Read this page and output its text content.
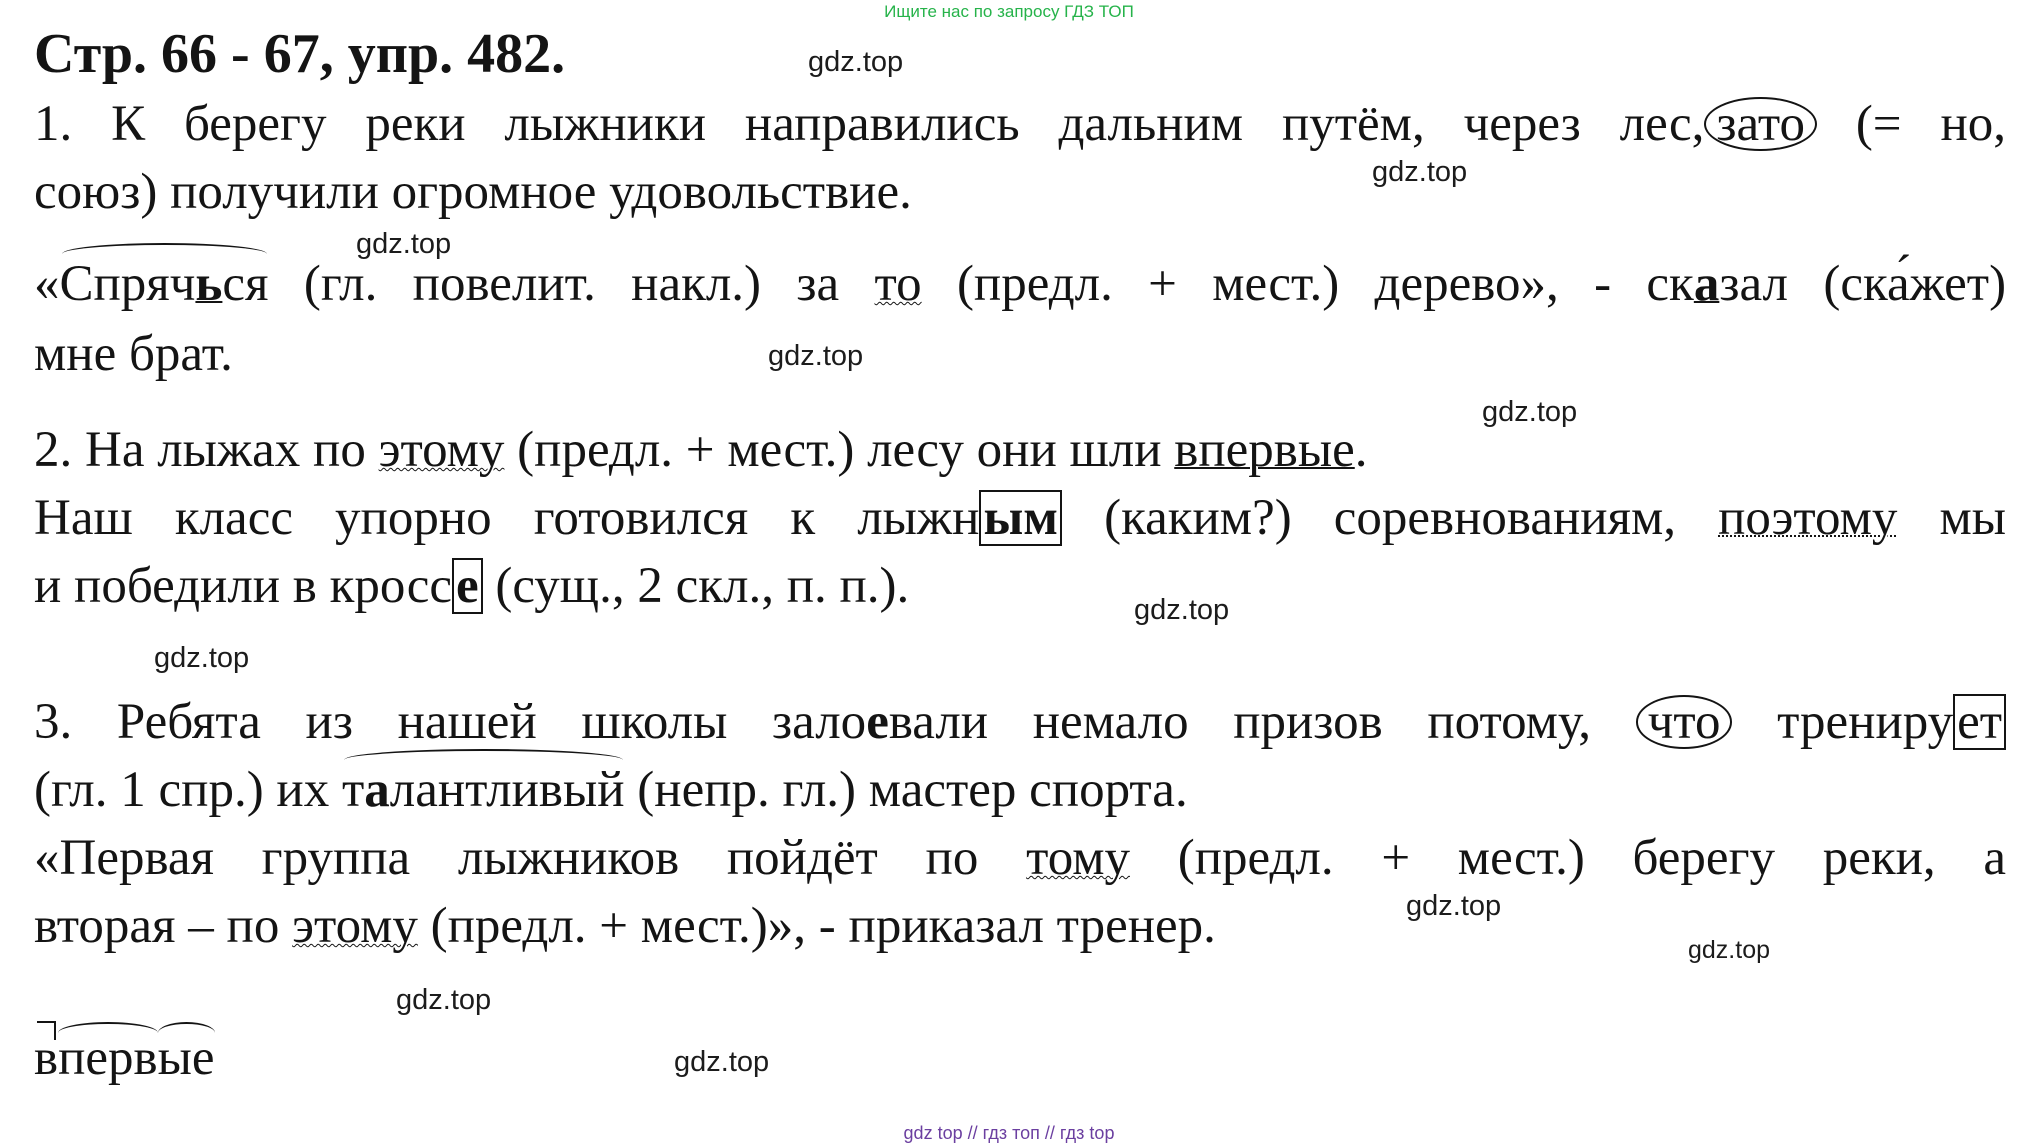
Ищите нас по запросу ГДЗ ТОП
Стр. 66 - 67, упр. 482.
1. К берегу реки лыжники направились дальним путём, через лес, зато (= но,
союз) получили огромное удовольствие.
«Спрячься (гл. повелит. накл.) за то (предл. + мест.) дерево», - сказал (ска́жет)
мне брат.
2. На лыжах по этому (предл. + мест.) лесу они шли впервые.
Наш класс упорно готовился к лыжным (каким?) соревнованиям, поэтому мы
и победили в кроссе (сущ., 2 скл., п. п.).
3. Ребята из нашей школы залоевали немало призов потому, что тренирует
(гл. 1 спр.) их талантливый (непр. гл.) мастер спорта.
«Первая группа лыжников пойдёт по тому (предл. + мест.) берегу реки, а
вторая – по этому (предл. + мест.)», - приказал тренер.
впервые
gdz.top
gdz.top
gdz.top
gdz.top
gdz.top
gdz.top
gdz.top
gdz.top
gdz.top
gdz.top
gdz.top
gdz top // гдз топ // гдз top
